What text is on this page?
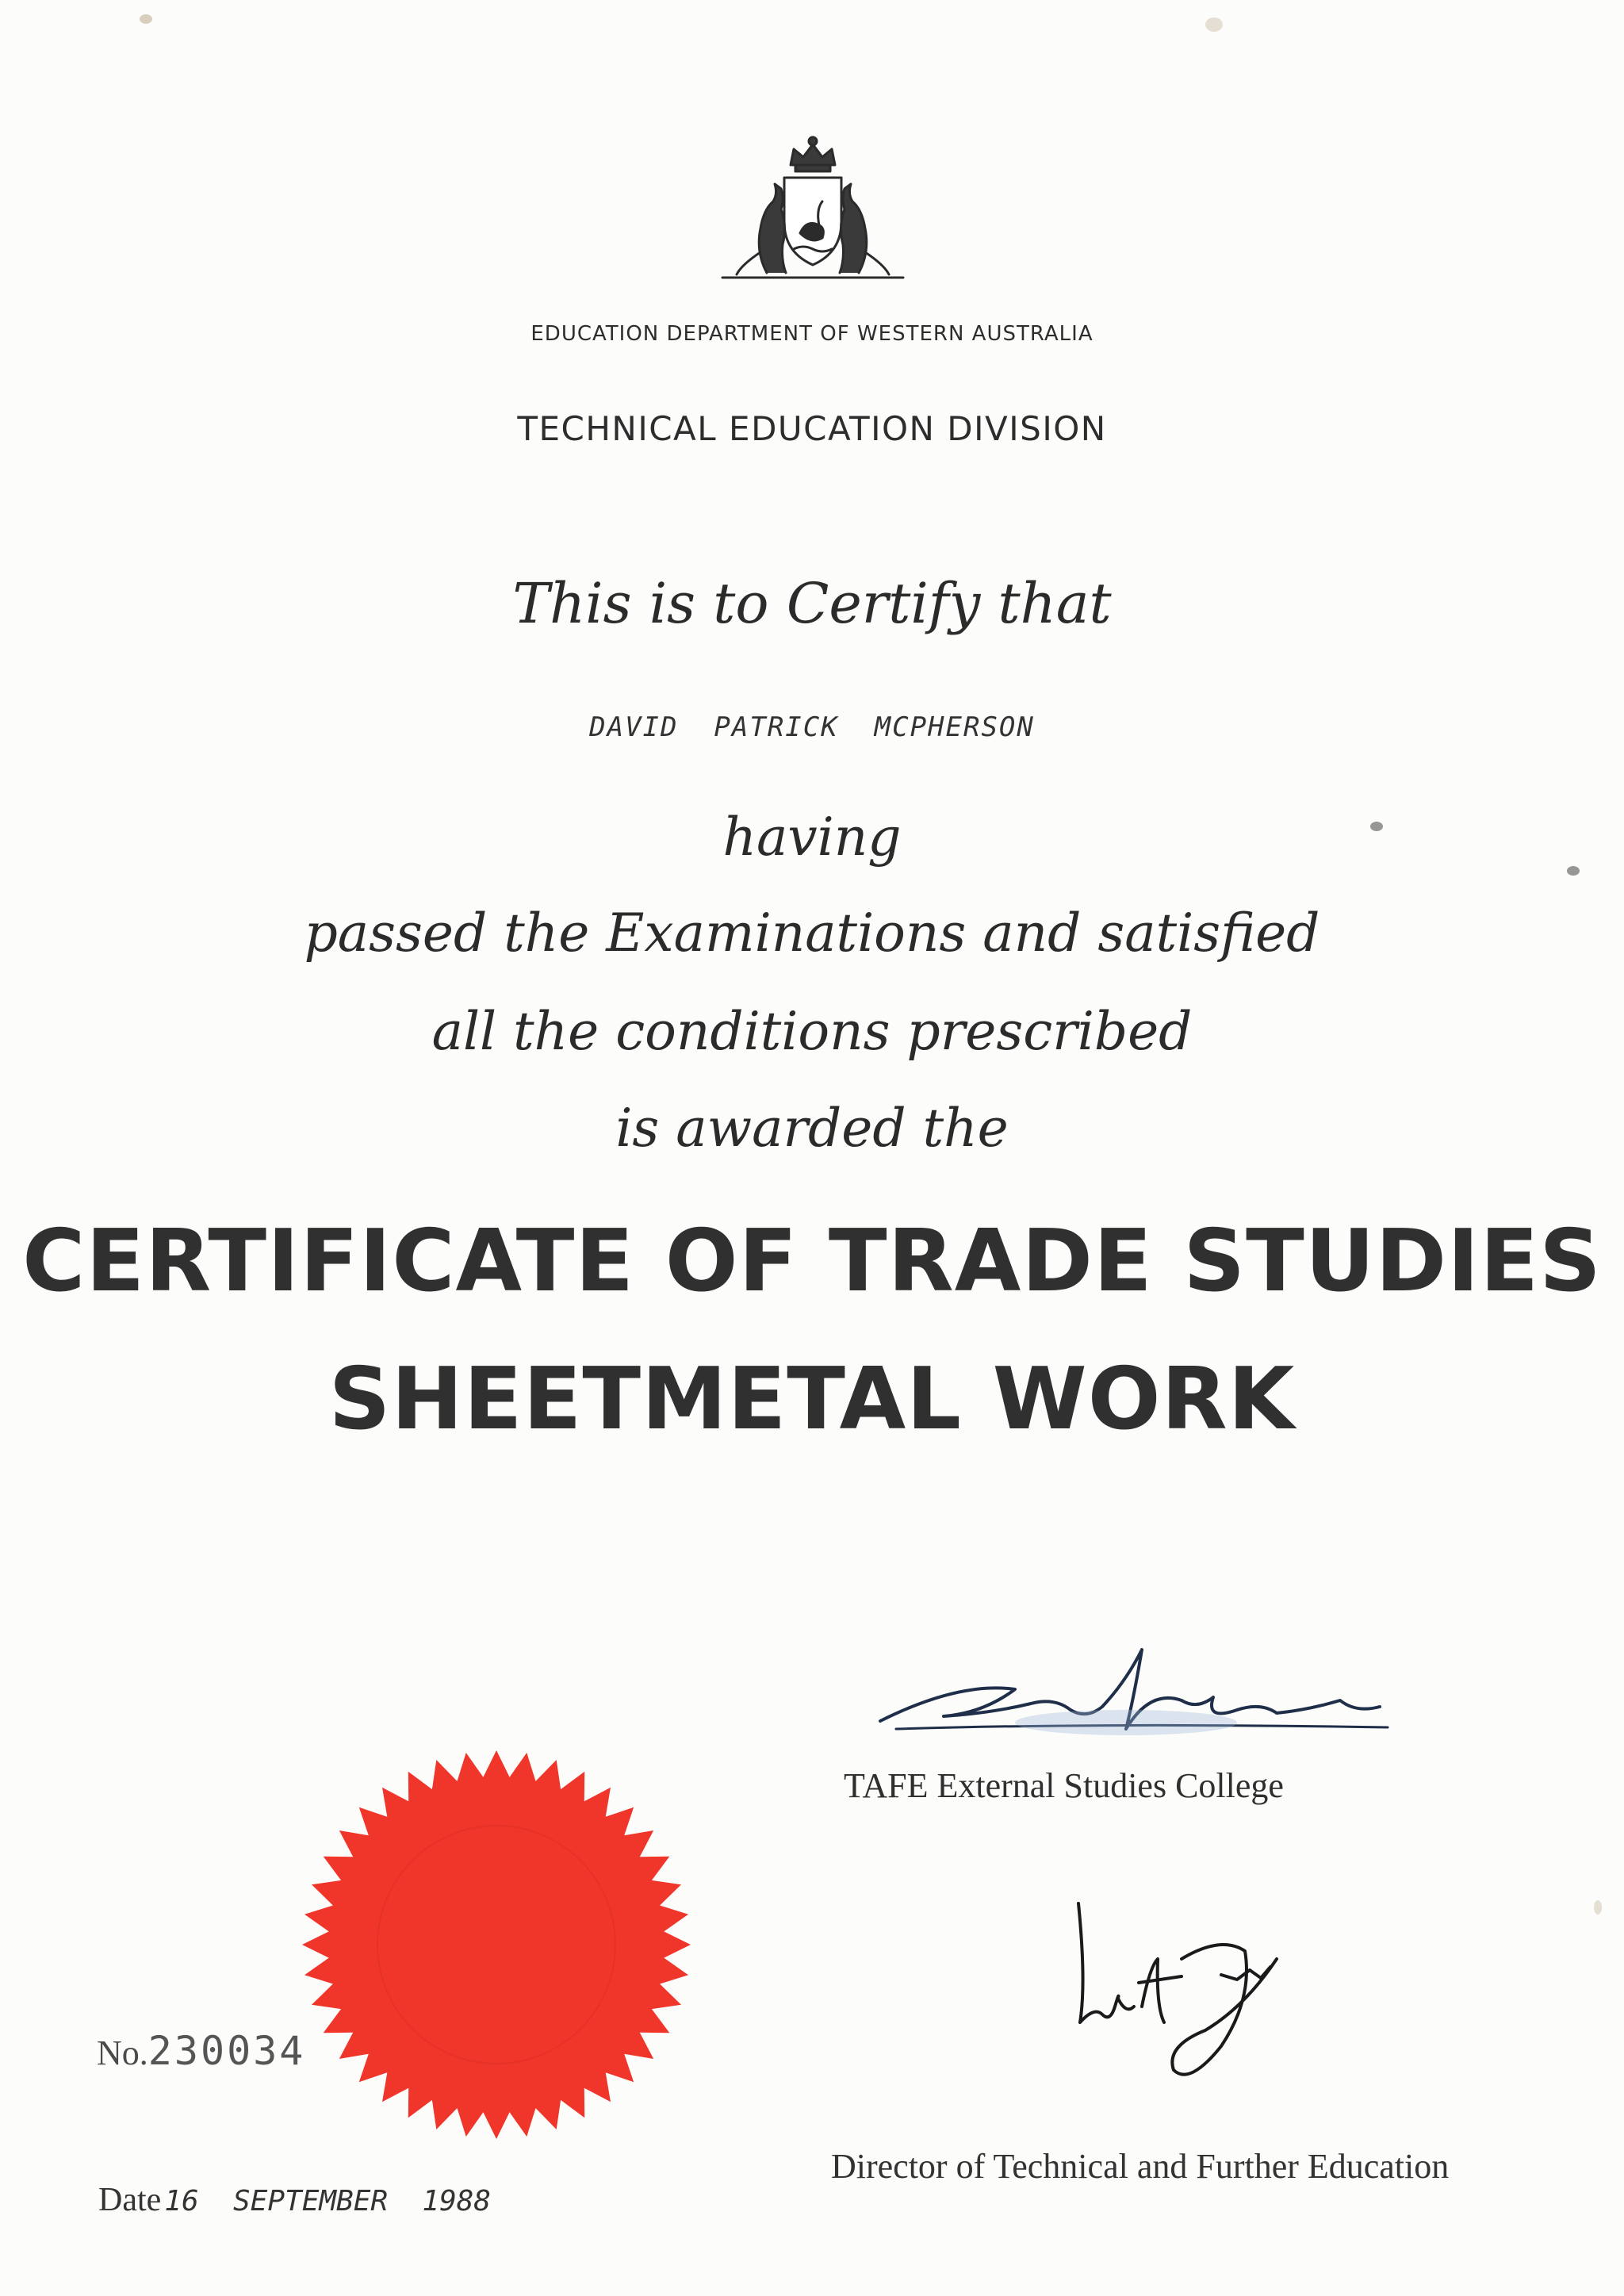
EDUCATION DEPARTMENT OF WESTERN AUSTRALIA
TECHNICAL EDUCATION DIVISION
This is to Certify that
DAVID  PATRICK  MCPHERSON
having
passed the Examinations and satisfied
all the conditions prescribed
is awarded the
CERTIFICATE OF TRADE STUDIES
SHEETMETAL WORK
TAFE External Studies College
No.230034
Date 16  SEPTEMBER  1988
Director of Technical and Further Education
